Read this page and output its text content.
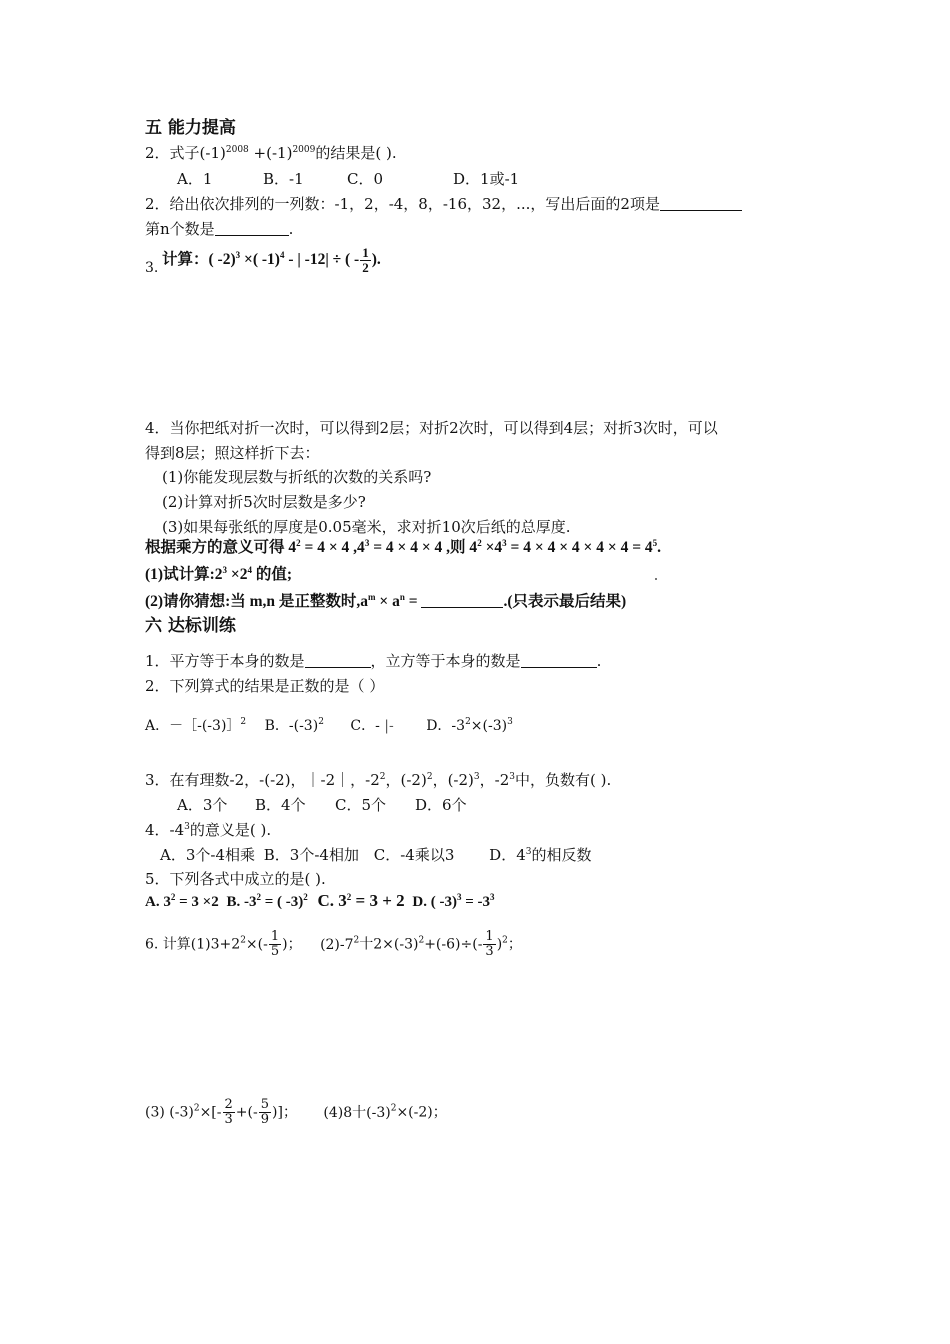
五 能力提高
2．式子$(-1)^{2008} +(-1)^{2009}$的结果是( ).
A．1	B．-1	C．0	D．1或-1
2．给出依次排列的一列数：-1，2，-4，8，-16，32，...，写出后面的2项是
第n个数是	.
3. 计算：( -2)$^3$ ×( -1)$^4$ - | -12| ÷ ( - $\frac{1}{2}$ ).
4．当你把纸对折一次时，可以得到2层；对折2次时，可以得到4层；对折3次时，可以
得到8层；照这样折下去：
(1)你能发现层数与折纸的次数的关系吗?
(2)计算对折5次时层数是多少?
(3)如果每张纸的厚度是0.05毫米，求对折10次后纸的总厚度.
根据乘方的意义可得 $4^2 = 4 \times 4$ $,4^3 = 4 \times 4 \times 4$ ,则 $4^2 \times 4^3 = 4 \times 4 \times 4 \times 4 \times 4 = 4^5$.
(1)试计算$:2^3 \times 2^4$ 的值;
(2)请你猜想:当 m,n 是正整数时$,a^m \times a^n$ =	.(只表示最后结果)
六 达标训练
1．平方等于本身的数是	，立方等于本身的数是	.
2．下列算式的结果是正数的是（ ）
A．－［-(-3)］$^2$ B．$-(-3)^2$ C．- |- D．$-3^2\times(-3)^3$
3．在有理数-2，-(-2)，｜-2｜，$-2^2$，$(-2)^2$，$(-2)^3$，$-2^3$中，负数有( ).
A．3个 B．4个 C．5个 D．6个
4．$-4^3$的意义是( ).
A．3个-4相乘 B．3个-4相加 C．-4乘以3 D．$4^3$的相反数
5．下列各式中成立的是( ).
A. $3^2 = 3 \times 2$ B. $-3^2$ = ( -3)$^2$ C. $3^2 = 3 + 2$ D. ( $-3)^3 = -3^3$
6. 计算$(1)3+2^2\times(- \frac{1}{5}$ )； $(2)-7^2$十$2\times(-3)^2+(-6)\div(- \frac{1}{3} )^2$；
(3) $(-3)^2\times[- \frac{2}{3}$ +(- $\frac{5}{9}$ )]； (4)8十$(-3)^2\times(-2)$；
